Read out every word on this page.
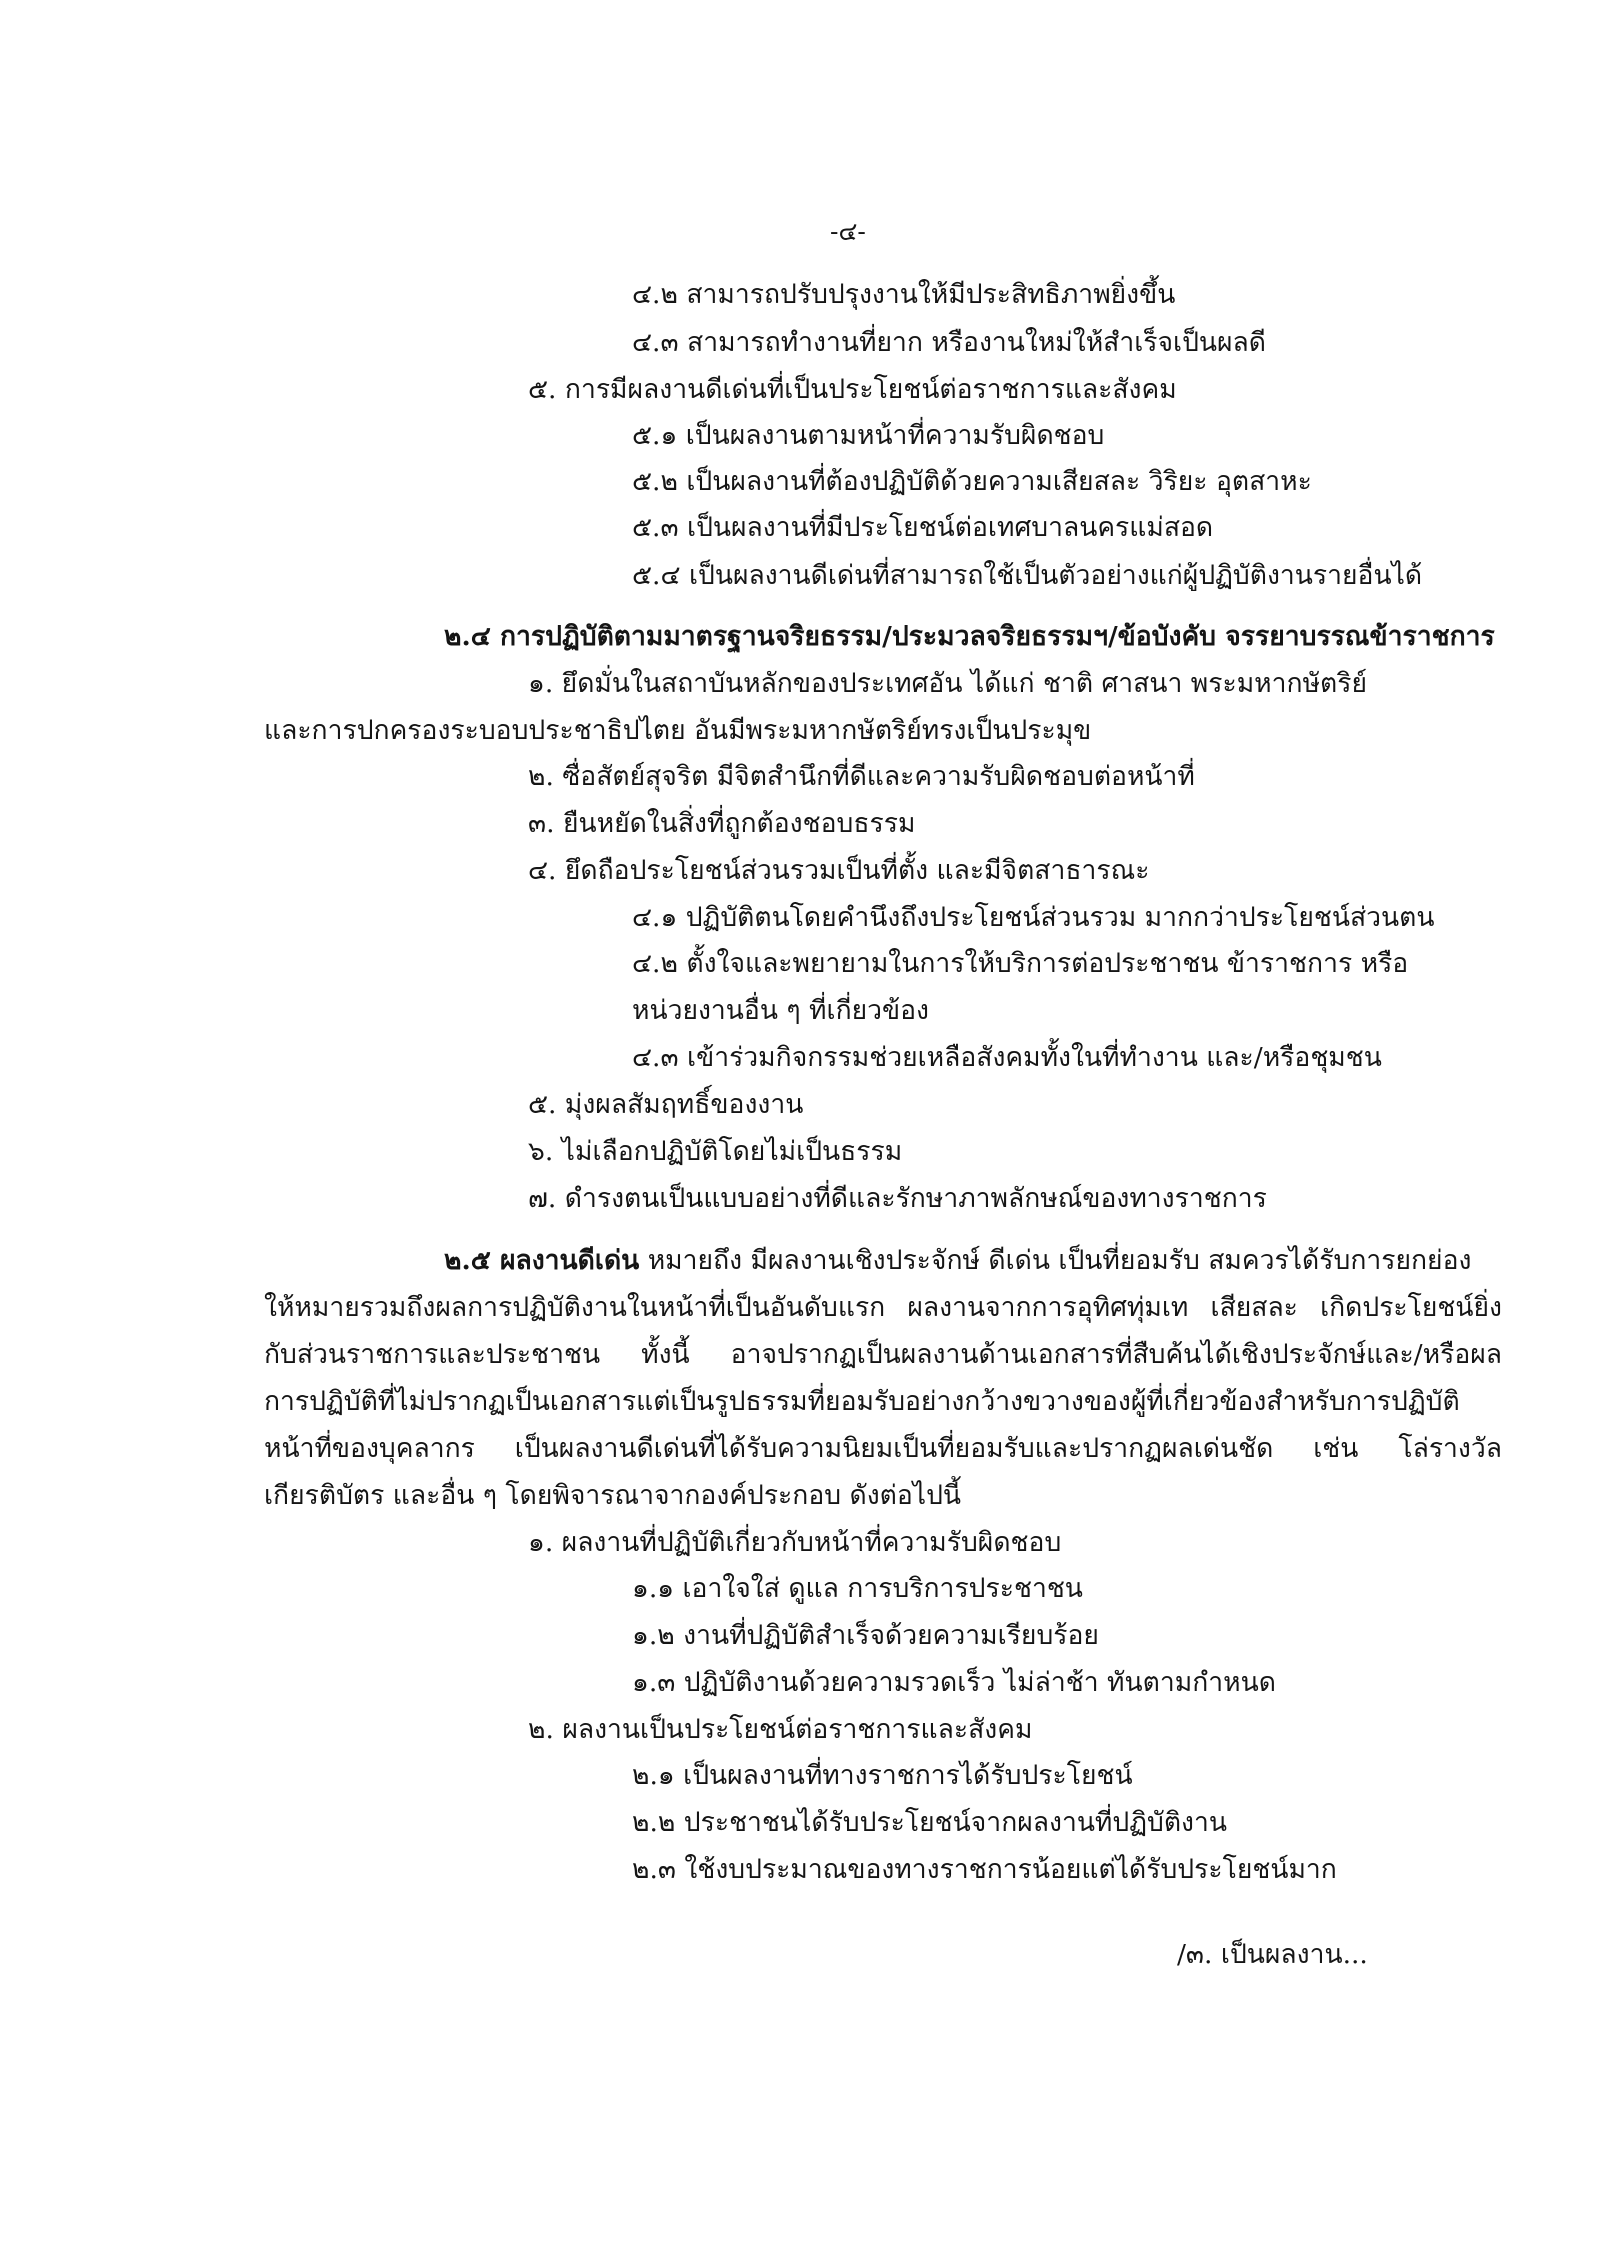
-๔-
๔.๒ สามารถปรับปรุงงานให้มีประสิทธิภาพยิ่งขึ้น
๔.๓ สามารถทำงานที่ยาก หรืองานใหม่ให้สำเร็จเป็นผลดี
๕. การมีผลงานดีเด่นที่เป็นประโยชน์ต่อราชการและสังคม
๕.๑ เป็นผลงานตามหน้าที่ความรับผิดชอบ
๕.๒ เป็นผลงานที่ต้องปฏิบัติด้วยความเสียสละ วิริยะ อุตสาหะ
๕.๓ เป็นผลงานที่มีประโยชน์ต่อเทศบาลนครแม่สอด
๕.๔ เป็นผลงานดีเด่นที่สามารถใช้เป็นตัวอย่างแก่ผู้ปฏิบัติงานรายอื่นได้
๒.๔ การปฏิบัติตามมาตรฐานจริยธรรม/ประมวลจริยธรรมฯ/ข้อบังคับ จรรยาบรรณข้าราชการ
๑. ยึดมั่นในสถาบันหลักของประเทศอัน ได้แก่ ชาติ ศาสนา พระมหากษัตริย์
และการปกครองระบอบประชาธิปไตย อันมีพระมหากษัตริย์ทรงเป็นประมุข
๒. ซื่อสัตย์สุจริต มีจิตสำนึกที่ดีและความรับผิดชอบต่อหน้าที่
๓. ยืนหยัดในสิ่งที่ถูกต้องชอบธรรม
๔. ยึดถือประโยชน์ส่วนรวมเป็นที่ตั้ง และมีจิตสาธารณะ
๔.๑ ปฏิบัติตนโดยคำนึงถึงประโยชน์ส่วนรวม มากกว่าประโยชน์ส่วนตน
๔.๒ ตั้งใจและพยายามในการให้บริการต่อประชาชน ข้าราชการ หรือ
หน่วยงานอื่น ๆ ที่เกี่ยวข้อง
๔.๓ เข้าร่วมกิจกรรมช่วยเหลือสังคมทั้งในที่ทำงาน และ/หรือชุมชน
๕. มุ่งผลสัมฤทธิ์ของงาน
๖. ไม่เลือกปฏิบัติโดยไม่เป็นธรรม
๗. ดำรงตนเป็นแบบอย่างที่ดีและรักษาภาพลักษณ์ของทางราชการ
๒.๕ ผลงานดีเด่น หมายถึง มีผลงานเชิงประจักษ์ ดีเด่น เป็นที่ยอมรับ สมควรได้รับการยกย่อง
ให้หมายรวมถึงผลการปฏิบัติงานในหน้าที่เป็นอันดับแรก ผลงานจากการอุทิศทุ่มเท เสียสละ เกิดประโยชน์ยิ่ง
กับส่วนราชการและประชาชน ทั้งนี้ อาจปรากฏเป็นผลงานด้านเอกสารที่สืบค้นได้เชิงประจักษ์และ/หรือผล
การปฏิบัติที่ไม่ปรากฏเป็นเอกสารแต่เป็นรูปธรรมที่ยอมรับอย่างกว้างขวางของผู้ที่เกี่ยวข้องสำหรับการปฏิบัติ
หน้าที่ของบุคลากร เป็นผลงานดีเด่นที่ได้รับความนิยมเป็นที่ยอมรับและปรากฏผลเด่นชัด เช่น โล่รางวัล
เกียรติบัตร และอื่น ๆ โดยพิจารณาจากองค์ประกอบ ดังต่อไปนี้
๑. ผลงานที่ปฏิบัติเกี่ยวกับหน้าที่ความรับผิดชอบ
๑.๑ เอาใจใส่ ดูแล การบริการประชาชน
๑.๒ งานที่ปฏิบัติสำเร็จด้วยความเรียบร้อย
๑.๓ ปฏิบัติงานด้วยความรวดเร็ว ไม่ล่าช้า ทันตามกำหนด
๒. ผลงานเป็นประโยชน์ต่อราชการและสังคม
๒.๑ เป็นผลงานที่ทางราชการได้รับประโยชน์
๒.๒ ประชาชนได้รับประโยชน์จากผลงานที่ปฏิบัติงาน
๒.๓ ใช้งบประมาณของทางราชการน้อยแต่ได้รับประโยชน์มาก
/๓. เป็นผลงาน...
